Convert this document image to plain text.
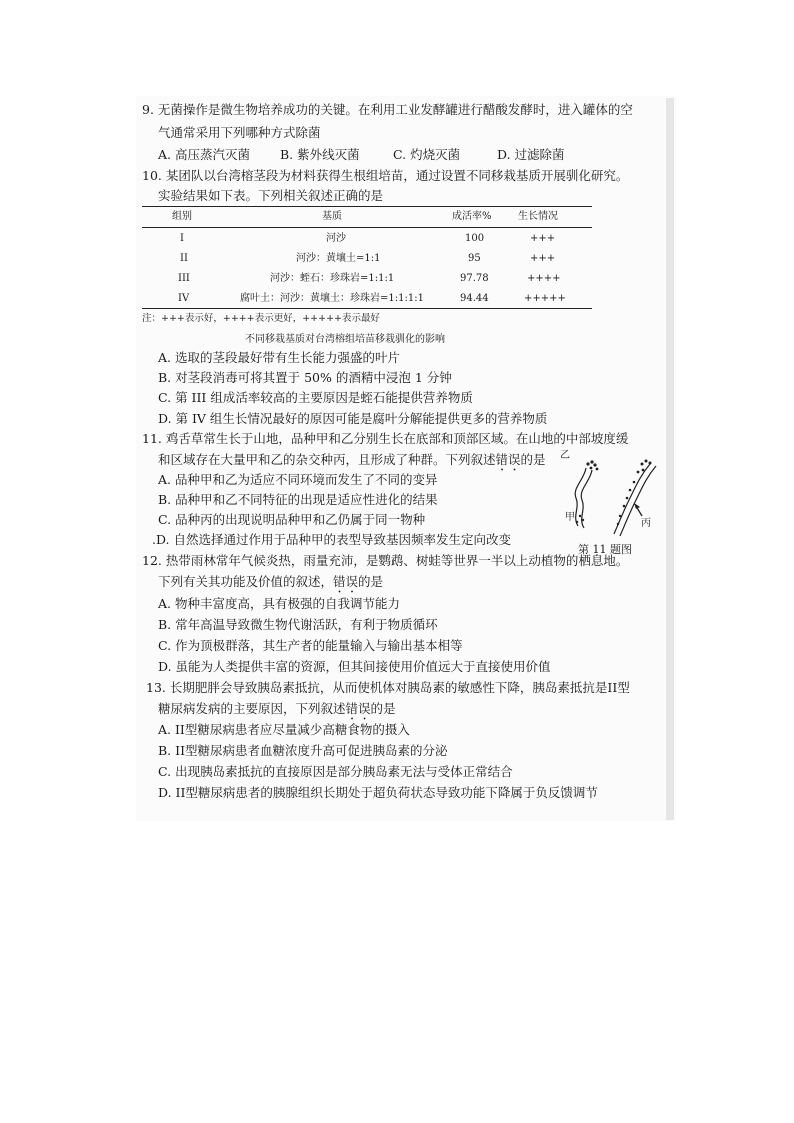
9. 无菌操作是微生物培养成功的关键。在利用工业发酵罐进行醋酸发酵时，进入罐体的空
气通常采用下列哪种方式除菌
A. 高压蒸汽灭菌 B. 紫外线灭菌	C. 灼烧灭菌	D. 过滤除菌
10. 某团队以台湾榕茎段为材料获得生根组培苗，通过设置不同移栽基质开展驯化研究。
实验结果如下表。下列相关叙述正确的是
组别	基质	成活率%	生长情况
I	河沙	100	+++
II	河沙：黄壤土=1:1	95	+++
III	河沙：蛭石：珍珠岩=1:1:1	97.78	++++
IV	腐叶土：河沙：黄壤土：珍珠岩=1:1:1:1	94.44	+++++
注：+++表示好，++++表示更好，+++++表示最好
不同移栽基质对台湾榕组培苗移栽驯化的影响
A. 选取的茎段最好带有生长能力强盛的叶片
B. 对茎段消毒可将其置于 50% 的酒精中浸泡 1 分钟
C. 第 III 组成活率较高的主要原因是蛭石能提供营养物质
D. 第 IV 组生长情况最好的原因可能是腐叶分解能提供更多的营养物质
11. 鸡舌草常生长于山地，品种甲和乙分别生长在底部和顶部区域。在山地的中部坡度缓
和区域存在大量甲和乙的杂交种丙，且形成了种群。下列叙述错误的是
A. 品种甲和乙为适应不同环境而发生了不同的变异
B. 品种甲和乙不同特征的出现是适应性进化的结果
C. 品种丙的出现说明品种甲和乙仍属于同一物种
.D. 自然选择通过作用于品种甲的表型导致基因频率发生定向改变
乙
甲
丙
第 11 题图
12. 热带雨林常年气候炎热，雨量充沛，是鹦鹉、树蛙等世界一半以上动植物的栖息地。
下列有关其功能及价值的叙述，错误的是
A. 物种丰富度高，具有极强的自我调节能力
B. 常年高温导致微生物代谢活跃，有利于物质循环
C. 作为顶极群落，其生产者的能量输入与输出基本相等
D. 虽能为人类提供丰富的资源，但其间接使用价值远大于直接使用价值
13. 长期肥胖会导致胰岛素抵抗，从而使机体对胰岛素的敏感性下降，胰岛素抵抗是II型
糖尿病发病的主要原因，下列叙述错误的是
A. II型糖尿病患者应尽量减少高糖食物的摄入
B. II型糖尿病患者血糖浓度升高可促进胰岛素的分泌
C. 出现胰岛素抵抗的直接原因是部分胰岛素无法与受体正常结合
D. II型糖尿病患者的胰腺组织长期处于超负荷状态导致功能下降属于负反馈调节
